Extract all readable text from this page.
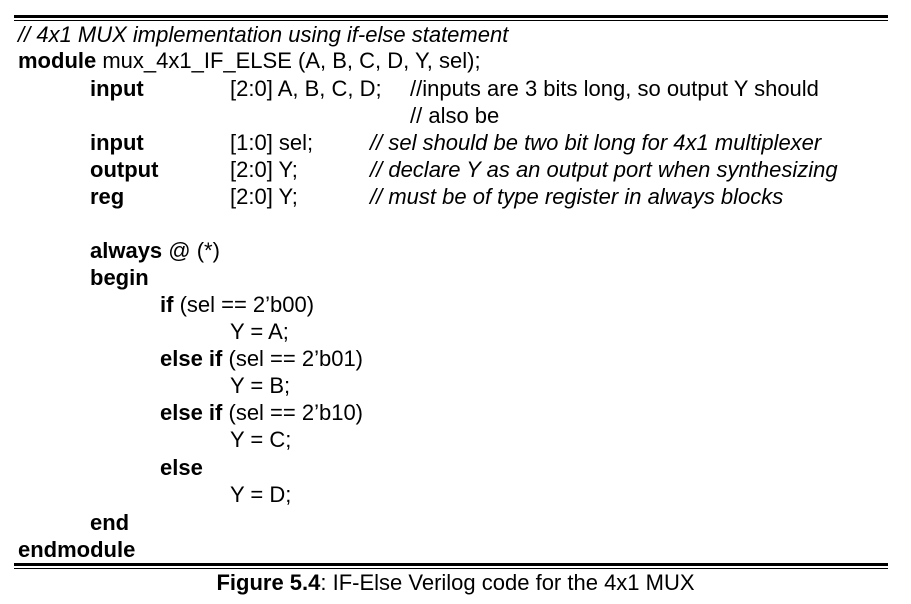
// 4x1 MUX implementation using if-else statement
module mux_4x1_IF_ELSE (A, B, C, D, Y, sel);
input	[2:0] A, B, C, D; //inputs are 3 bits long, so output Y should
// also be
input	[1:0] sel;	// sel should be two bit long for 4x1 multiplexer
output	[2:0] Y;	// declare Y as an output port when synthesizing
reg	[2:0] Y;	// must be of type register in always blocks
always @ (*)
begin
if (sel == 2’b00)
Y = A;
else if (sel == 2’b01)
Y = B;
else if (sel == 2’b10)
Y = C;
else
Y = D;
end
endmodule
Figure 5.4: IF-Else Verilog code for the 4x1 MUX
